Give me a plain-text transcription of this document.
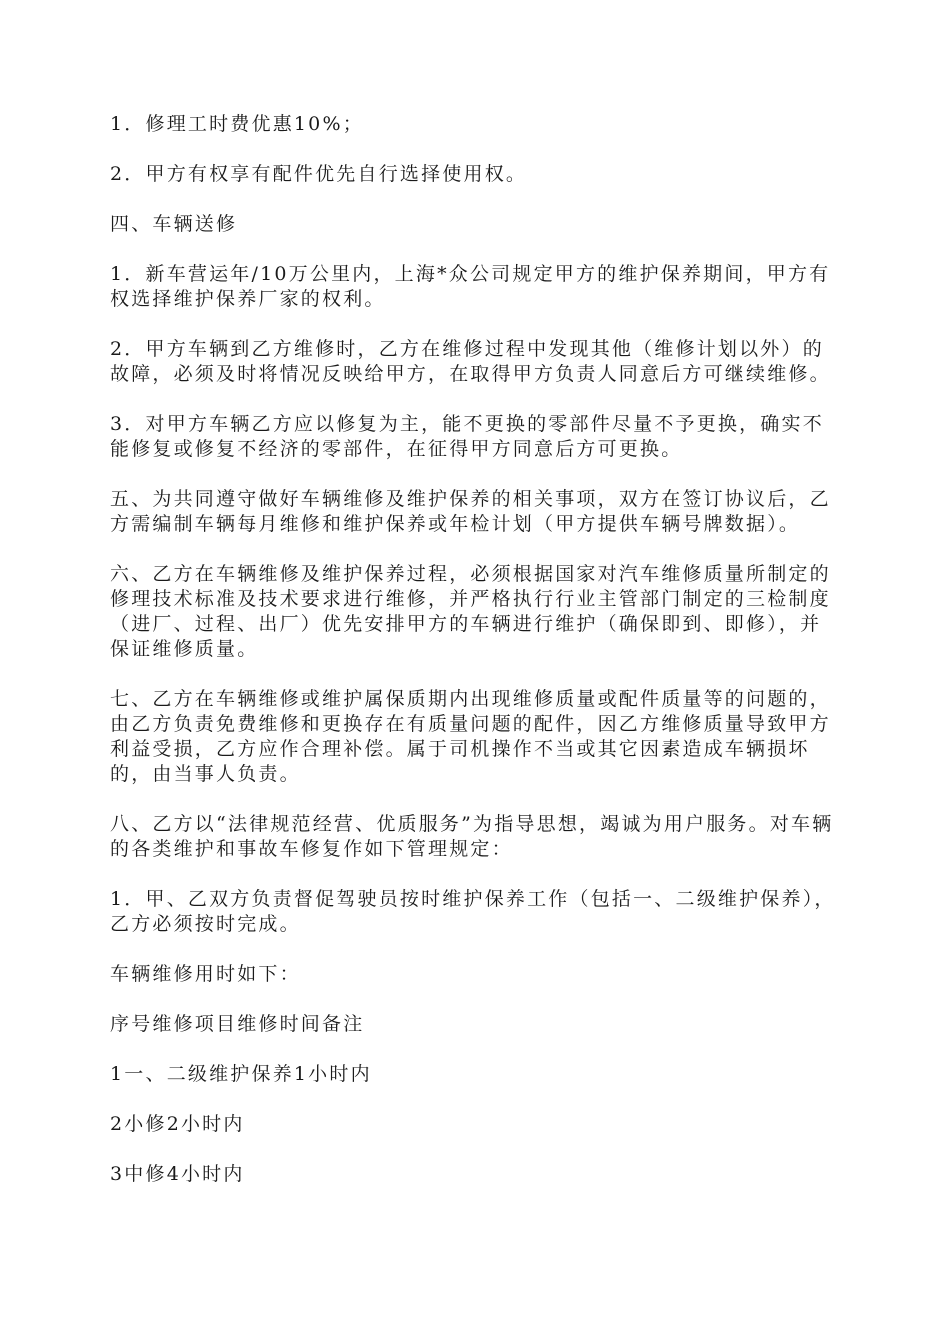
1．修理工时费优惠10%；

2．甲方有权享有配件优先自行选择使用权。

四、车辆送修

1．新车营运年/10万公里内，上海*众公司规定甲方的维护保养期间，甲方有权选择维护保养厂家的权利。

2．甲方车辆到乙方维修时，乙方在维修过程中发现其他（维修计划以外）的故障，必须及时将情况反映给甲方，在取得甲方负责人同意后方可继续维修。

3．对甲方车辆乙方应以修复为主，能不更换的零部件尽量不予更换，确实不能修复或修复不经济的零部件，在征得甲方同意后方可更换。

五、为共同遵守做好车辆维修及维护保养的相关事项，双方在签订协议后，乙方需编制车辆每月维修和维护保养或年检计划（甲方提供车辆号牌数据）。

六、乙方在车辆维修及维护保养过程，必须根据国家对汽车维修质量所制定的修理技术标准及技术要求进行维修，并严格执行行业主管部门制定的三检制度（进厂、过程、出厂）优先安排甲方的车辆进行维护（确保即到、即修），并保证维修质量。

七、乙方在车辆维修或维护属保质期内出现维修质量或配件质量等的问题的，由乙方负责免费维修和更换存在有质量问题的配件，因乙方维修质量导致甲方利益受损，乙方应作合理补偿。属于司机操作不当或其它因素造成车辆损坏的，由当事人负责。

八、乙方以“法律规范经营、优质服务”为指导思想，竭诚为用户服务。对车辆的各类维护和事故车修复作如下管理规定：

1．甲、乙双方负责督促驾驶员按时维护保养工作（包括一、二级维护保养），乙方必须按时完成。

车辆维修用时如下：

序号维修项目维修时间备注

1一、二级维护保养1小时内

2小修2小时内

3中修4小时内
